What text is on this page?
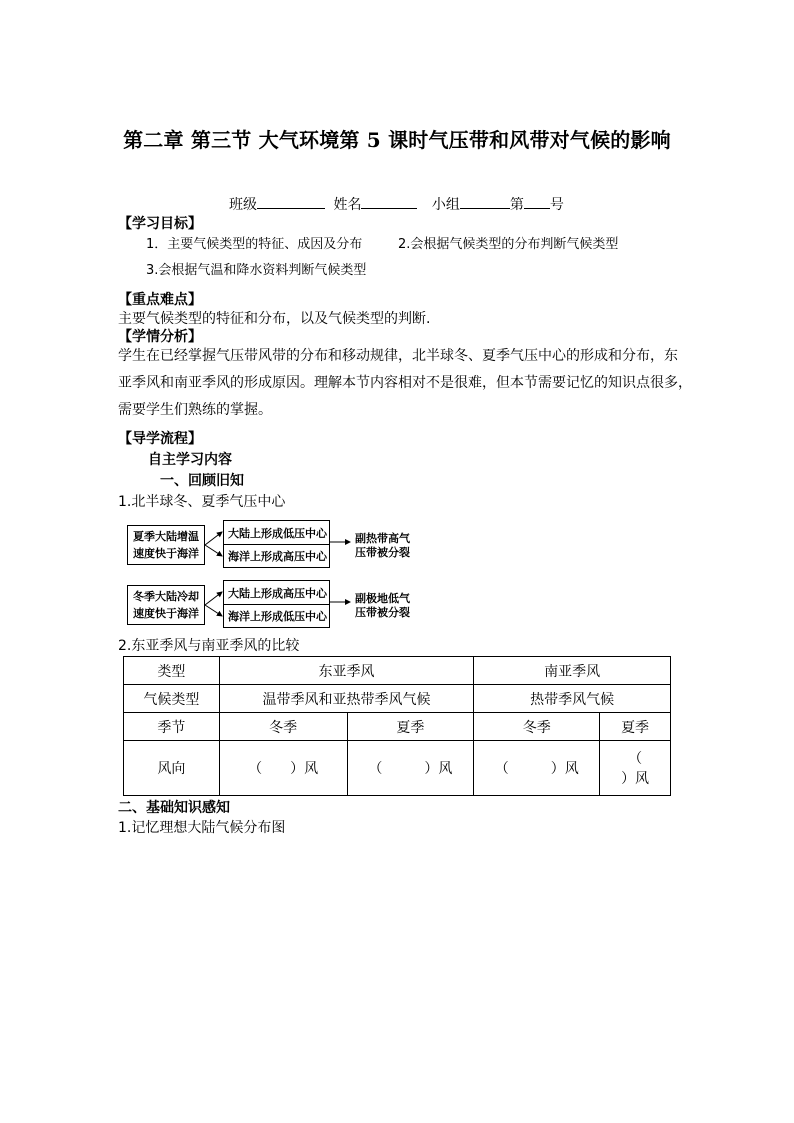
第二章 第三节 大气环境第 5 课时气压带和风带对气候的影响
班级	姓名	小组	第 号
【学习目标】
1．主要气候类型的特征、成因及分布	2.会根据气候类型的分布判断气候类型
3.会根据气温和降水资料判断气候类型
【重点难点】
主要气候类型的特征和分布，以及气候类型的判断.
【学情分析】
学生在已经掌握气压带风带的分布和移动规律，北半球冬、夏季气压中心的形成和分布，东
亚季风和南亚季风的形成原因。理解本节内容相对不是很难，但本节需要记忆的知识点很多，
需要学生们熟练的掌握。
【导学流程】
自主学习内容
一、回顾旧知
1.北半球冬、夏季气压中心
夏季大陆增温
速度快于海洋
大陆上形成低压中心
海洋上形成高压中心
副热带高气
压带被分裂
冬季大陆冷却
速度快于海洋
大陆上形成高压中心
海洋上形成低压中心
副极地低气
压带被分裂
2.东亚季风与南亚季风的比较
类型	东亚季风		南亚季风	
气候类型	温带季风和亚热带季风气候		热带季风气候	
季节	冬季	夏季	冬季	夏季
风向	（　　）风	（　　　）风	（　　　）风	（
）风
二、基础知识感知
1.记忆理想大陆气候分布图
